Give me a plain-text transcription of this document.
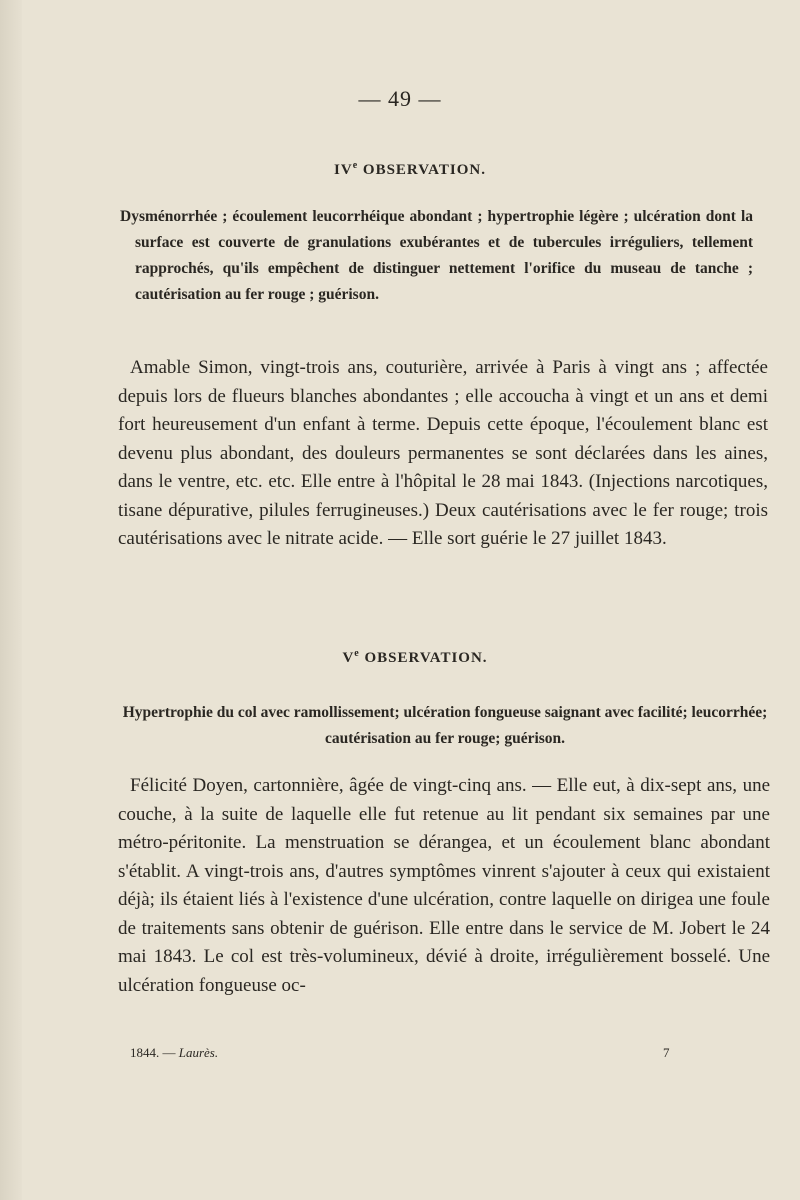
— 49 —
IVe OBSERVATION.
Dysménorrhée ; écoulement leucorrhéique abondant ; hypertrophie légère ; ulcération dont la surface est couverte de granulations exubérantes et de tubercules irréguliers, tellement rapprochés, qu'ils empêchent de distinguer nettement l'orifice du museau de tanche ; cautérisation au fer rouge ; guérison.
Amable Simon, vingt-trois ans, couturière, arrivée à Paris à vingt ans ; affectée depuis lors de flueurs blanches abondantes ; elle accoucha à vingt et un ans et demi fort heureusement d'un enfant à terme. Depuis cette époque, l'écoulement blanc est devenu plus abondant, des douleurs permanentes se sont déclarées dans les aines, dans le ventre, etc. etc. Elle entre à l'hôpital le 28 mai 1843. (Injections narcotiques, tisane dépurative, pilules ferrugineuses.) Deux cautérisations avec le fer rouge; trois cautérisations avec le nitrate acide. — Elle sort guérie le 27 juillet 1843.
Ve OBSERVATION.
Hypertrophie du col avec ramollissement; ulcération fongueuse saignant avec facilité; leucorrhée; cautérisation au fer rouge; guérison.
Félicité Doyen, cartonnière, âgée de vingt-cinq ans. — Elle eut, à dix-sept ans, une couche, à la suite de laquelle elle fut retenue au lit pendant six semaines par une métro-péritonite. La menstruation se dérangea, et un écoulement blanc abondant s'établit. A vingt-trois ans, d'autres symptômes vinrent s'ajouter à ceux qui existaient déjà; ils étaient liés à l'existence d'une ulcération, contre laquelle on dirigea une foule de traitements sans obtenir de guérison. Elle entre dans le service de M. Jobert le 24 mai 1843. Le col est très-volumineux, dévié à droite, irrégulièrement bosselé. Une ulcération fongueuse oc-
1844. — Laurès.	7
